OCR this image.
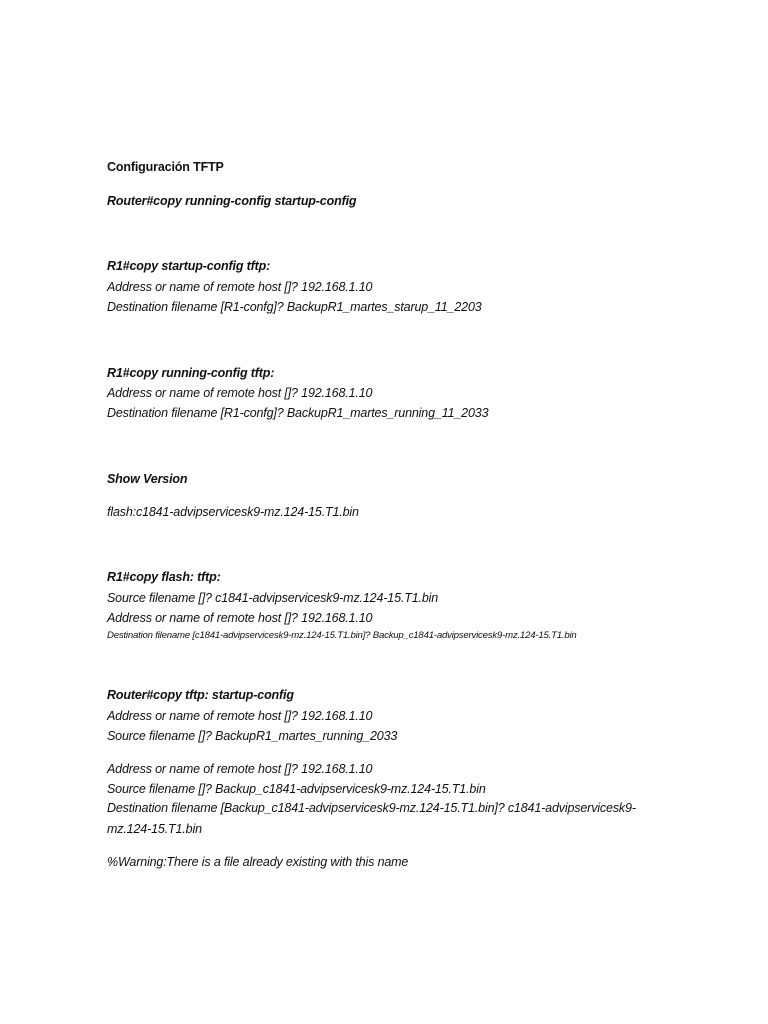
Configuración TFTP

Router#copy running-config startup-config

R1#copy startup-config tftp:

Address or name of remote host []? 192.168.1.10

Destination filename [R1-confg]? BackupR1_martes_starup_11_2203

R1#copy running-config tftp:

Address or name of remote host []? 192.168.1.10

Destination filename [R1-confg]? BackupR1_martes_running_11_2033

Show Version

flash:c1841-advipservicesk9-mz.124-15.T1.bin

R1#copy flash: tftp:

Source filename []? c1841-advipservicesk9-mz.124-15.T1.bin

Address or name of remote host []? 192.168.1.10

Destination filename [c1841-advipservicesk9-mz.124-15.T1.bin]? Backup_c1841-advipservicesk9-mz.124-15.T1.bin

Router#copy tftp: startup-config

Address or name of remote host []? 192.168.1.10

Source filename []? BackupR1_martes_running_2033

Address or name of remote host []? 192.168.1.10

Source filename []? Backup_c1841-advipservicesk9-mz.124-15.T1.bin

Destination filename [Backup_c1841-advipservicesk9-mz.124-15.T1.bin]? c1841-advipservicesk9-

mz.124-15.T1.bin

%Warning:There is a file already existing with this name
